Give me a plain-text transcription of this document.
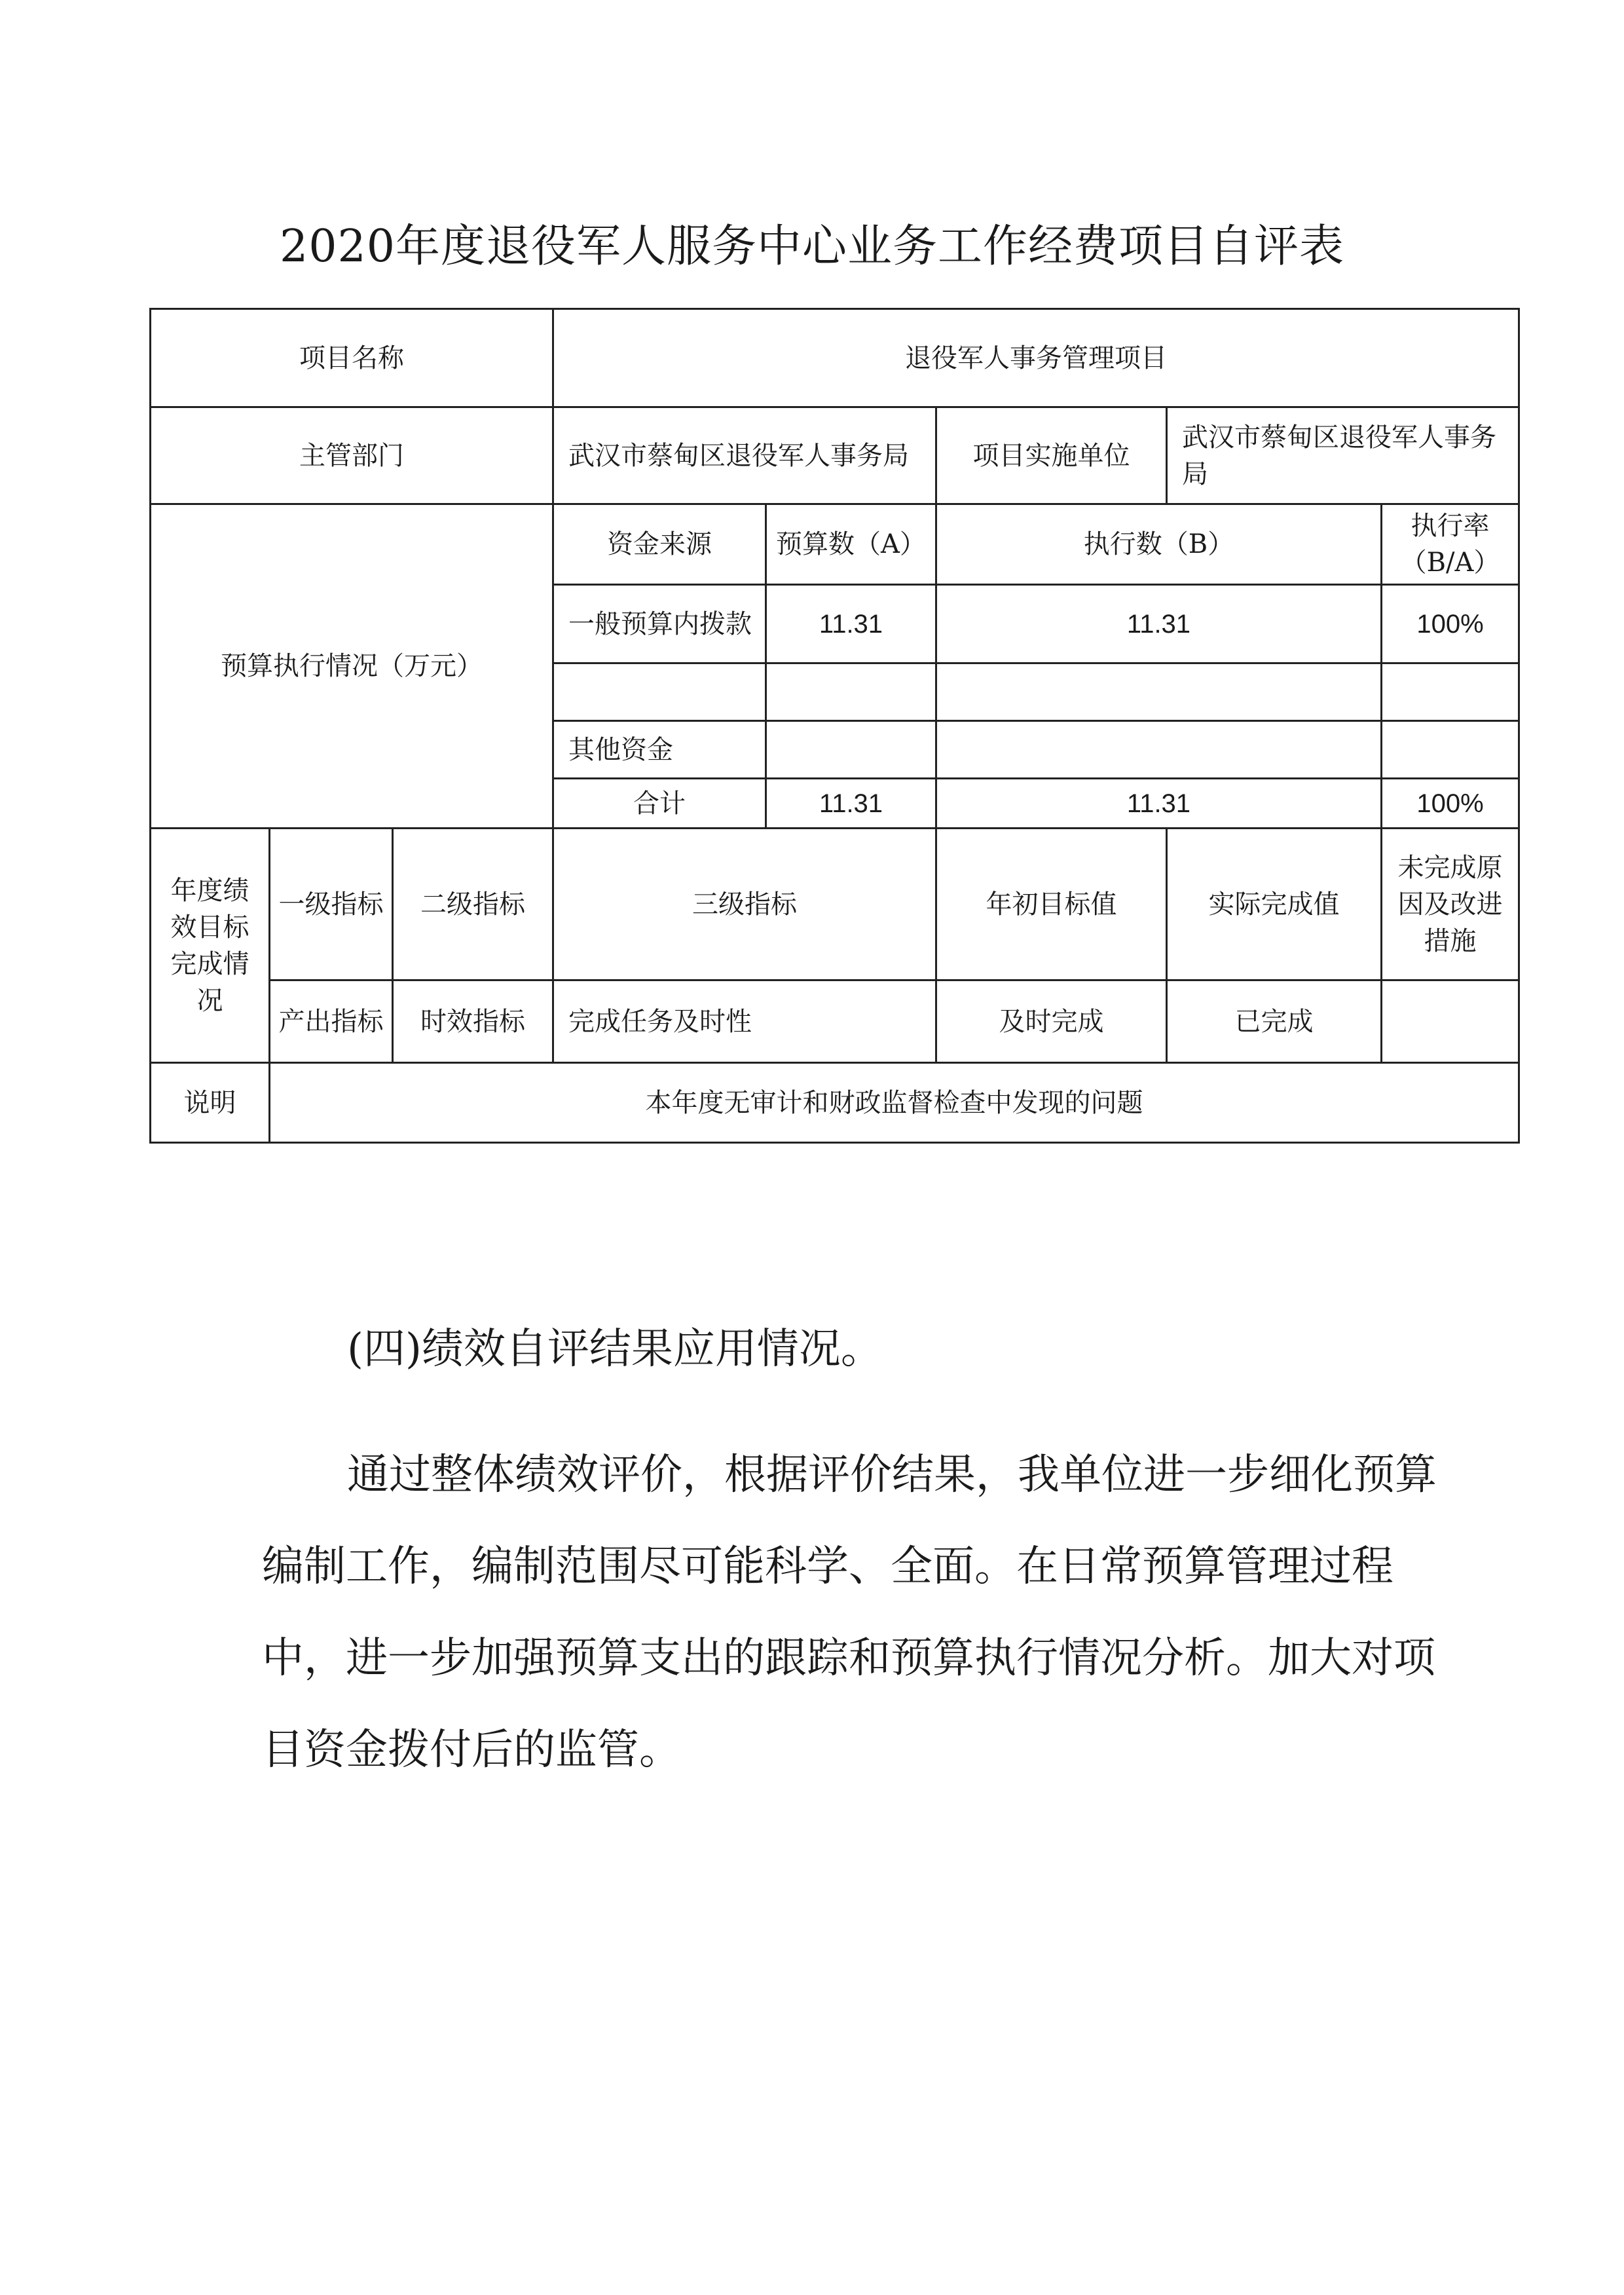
2020年度退役军人服务中心业务工作经费项目自评表
项目名称			退役军人事务管理项目				
主管部门			武汉市蔡甸区退役军人事务局		项目实施单位	武汉市蔡甸区退役军人事务局	
预算执行情况（万元）			资金来源	预算数（A）	执行数（B）		执行率（B/A）
			一般预算内拨款	11.31	11.31		100%

			其他资金				
			合计	11.31	11.31		100%
年度绩效目标完成情况	一级指标	二级指标	三级指标		年初目标值	实际完成值	未完成原因及改进措施
	产出指标	时效指标	完成任务及时性		及时完成	已完成	
说明	本年度无审计和财政监督检查中发现的问题						
(四)绩效自评结果应用情况。
通过整体绩效评价，根据评价结果，我单位进一步细化预算编制工作，编制范围尽可能科学、全面。在日常预算管理过程中，进一步加强预算支出的跟踪和预算执行情况分析。加大对项目资金拨付后的监管。
